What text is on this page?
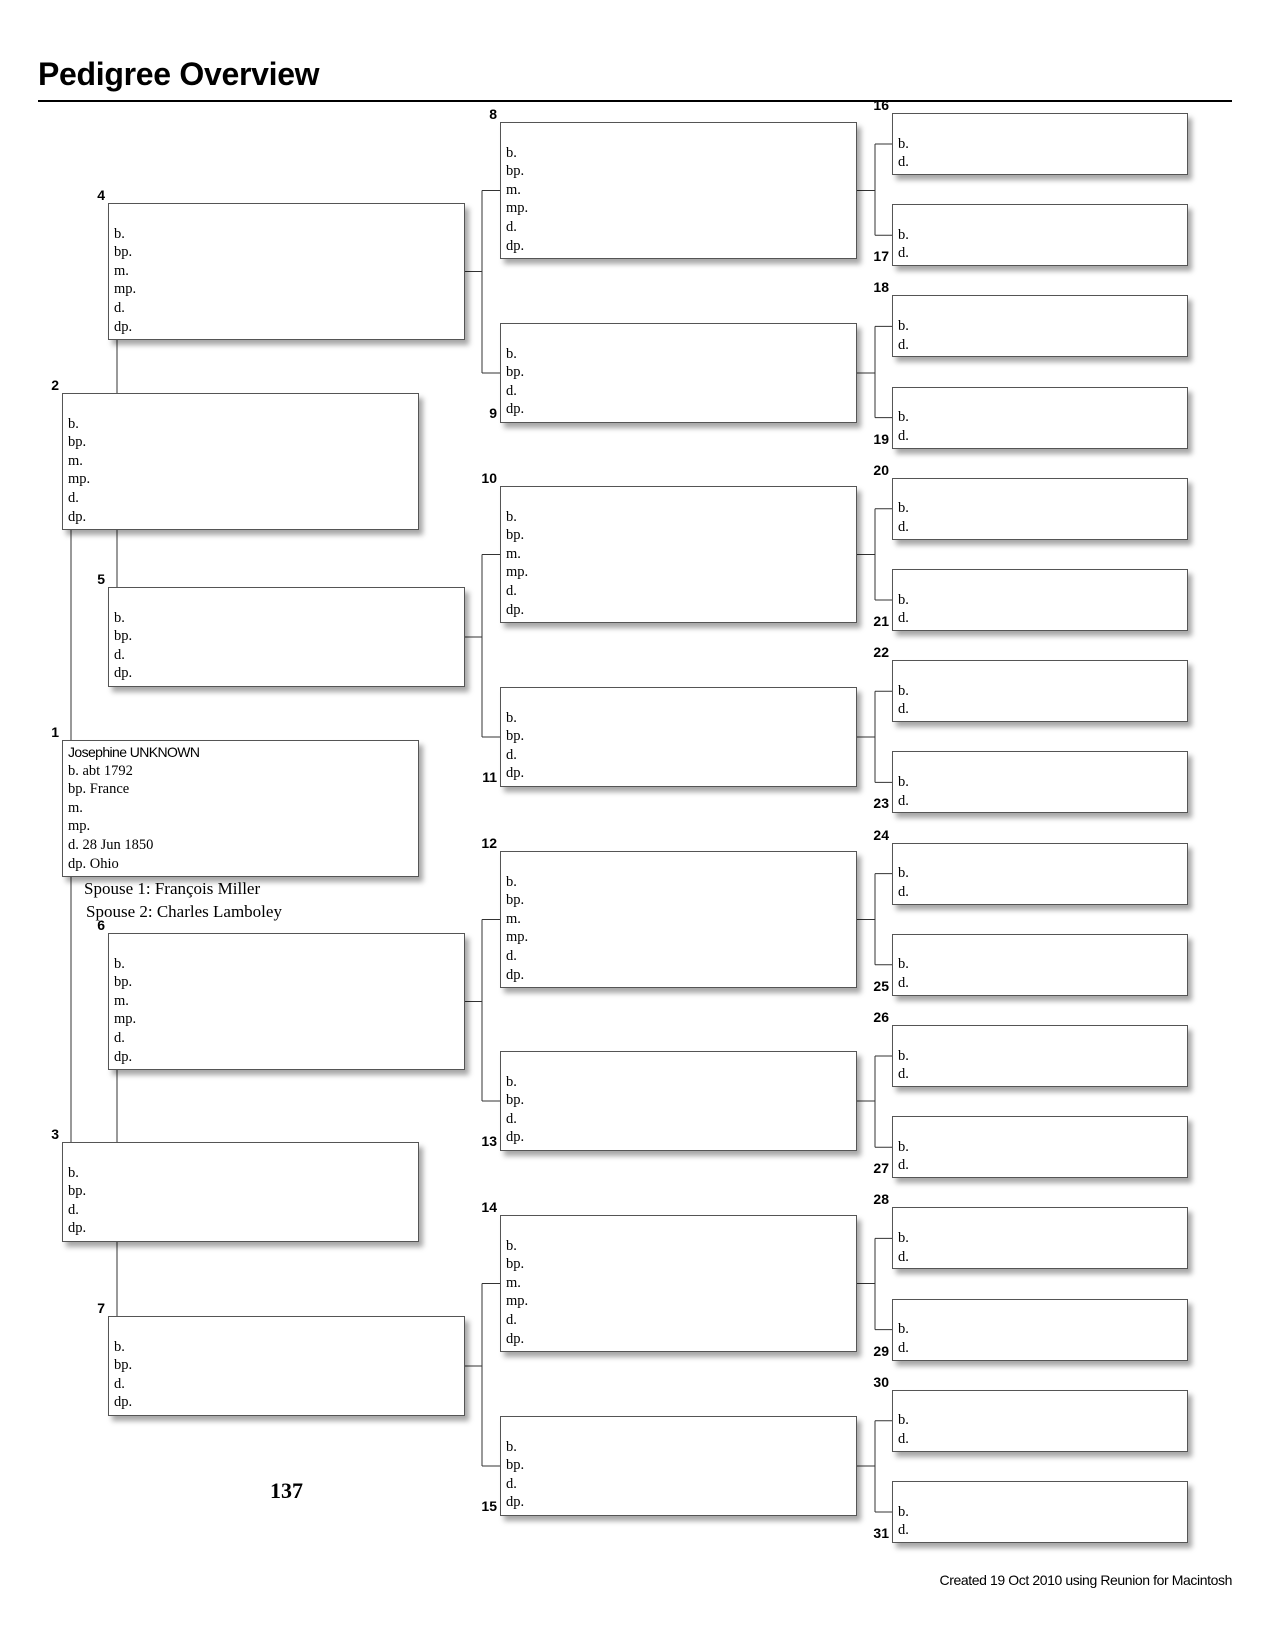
Pedigree Overview
Josephine UNKNOWN
b. abt 1792
bp. France
m.
mp.
d. 28 Jun 1850
dp. Ohio
1
b.
bp.
m.
mp.
d.
dp.
2
b.
bp.
d.
dp.
3
b.
bp.
m.
mp.
d.
dp.
4
b.
bp.
d.
dp.
5
b.
bp.
m.
mp.
d.
dp.
6
b.
bp.
d.
dp.
7
b.
bp.
m.
mp.
d.
dp.
8
b.
bp.
d.
dp.
9
b.
bp.
m.
mp.
d.
dp.
10
b.
bp.
d.
dp.
11
b.
bp.
m.
mp.
d.
dp.
12
b.
bp.
d.
dp.
13
b.
bp.
m.
mp.
d.
dp.
14
b.
bp.
d.
dp.
15
b.
d.
16
b.
d.
17
b.
d.
18
b.
d.
19
b.
d.
20
b.
d.
21
b.
d.
22
b.
d.
23
b.
d.
24
b.
d.
25
b.
d.
26
b.
d.
27
b.
d.
28
b.
d.
29
b.
d.
30
b.
d.
31
Spouse 1: François Miller
Spouse 2: Charles Lamboley
137
Created 19 Oct 2010 using Reunion for Macintosh
